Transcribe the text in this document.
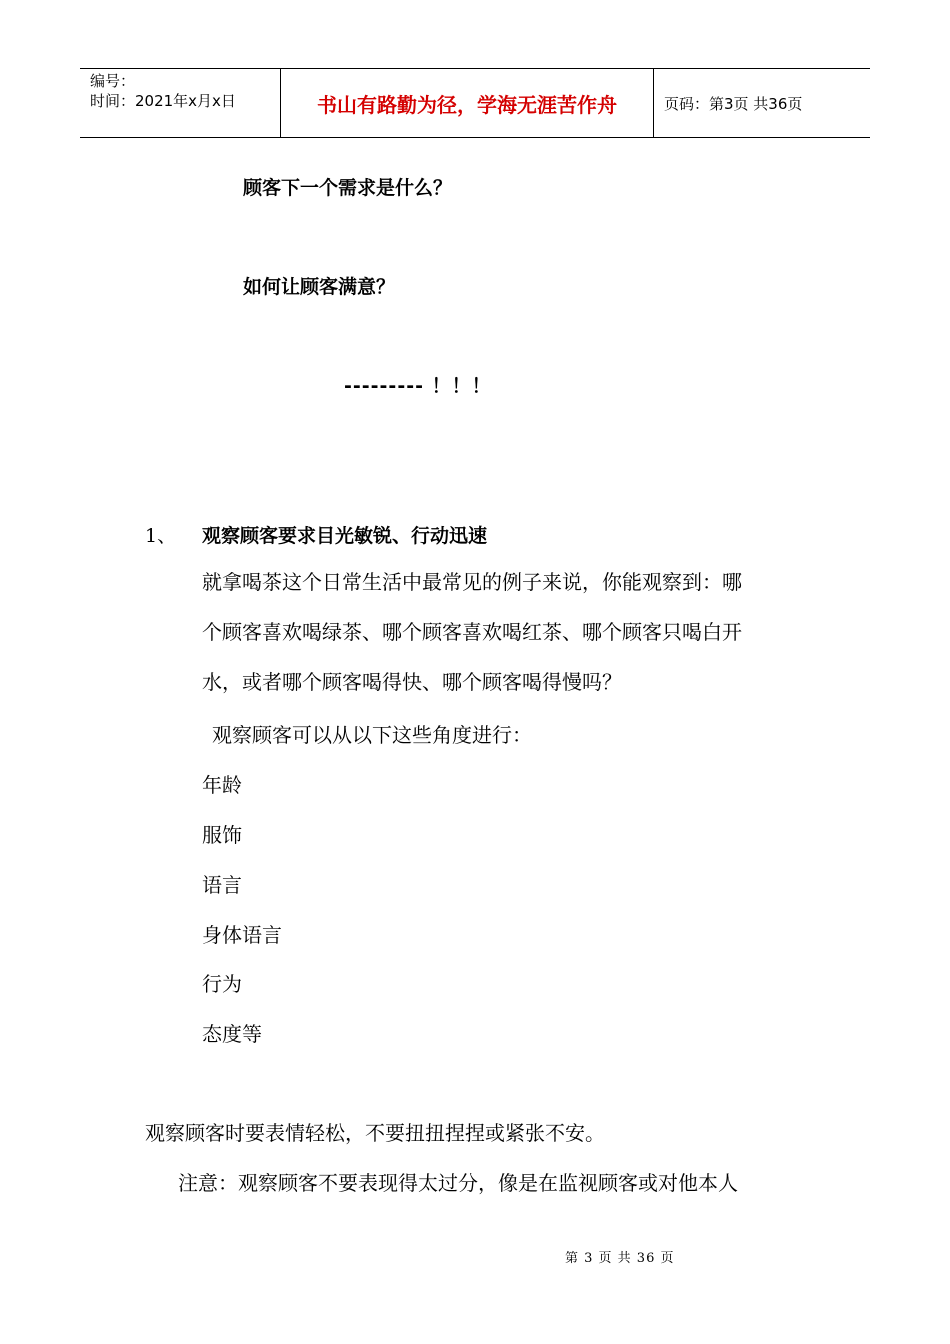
编号：
时间：2021年x月x日	书山有路勤为径，学海无涯苦作舟	页码：第3页 共36页
顾客下一个需求是什么？
如何让顾客满意？
--------- ！！！
1、 观察顾客要求目光敏锐、行动迅速
就拿喝茶这个日常生活中最常见的例子来说，你能观察到：哪
个顾客喜欢喝绿茶、哪个顾客喜欢喝红茶、哪个顾客只喝白开
水，或者哪个顾客喝得快、哪个顾客喝得慢吗？
观察顾客可以从以下这些角度进行：
年龄
服饰
语言
身体语言
行为
态度等
观察顾客时要表情轻松，不要扭扭捏捏或紧张不安。
注意：观察顾客不要表现得太过分，像是在监视顾客或对他本人
第 3 页 共 36 页
